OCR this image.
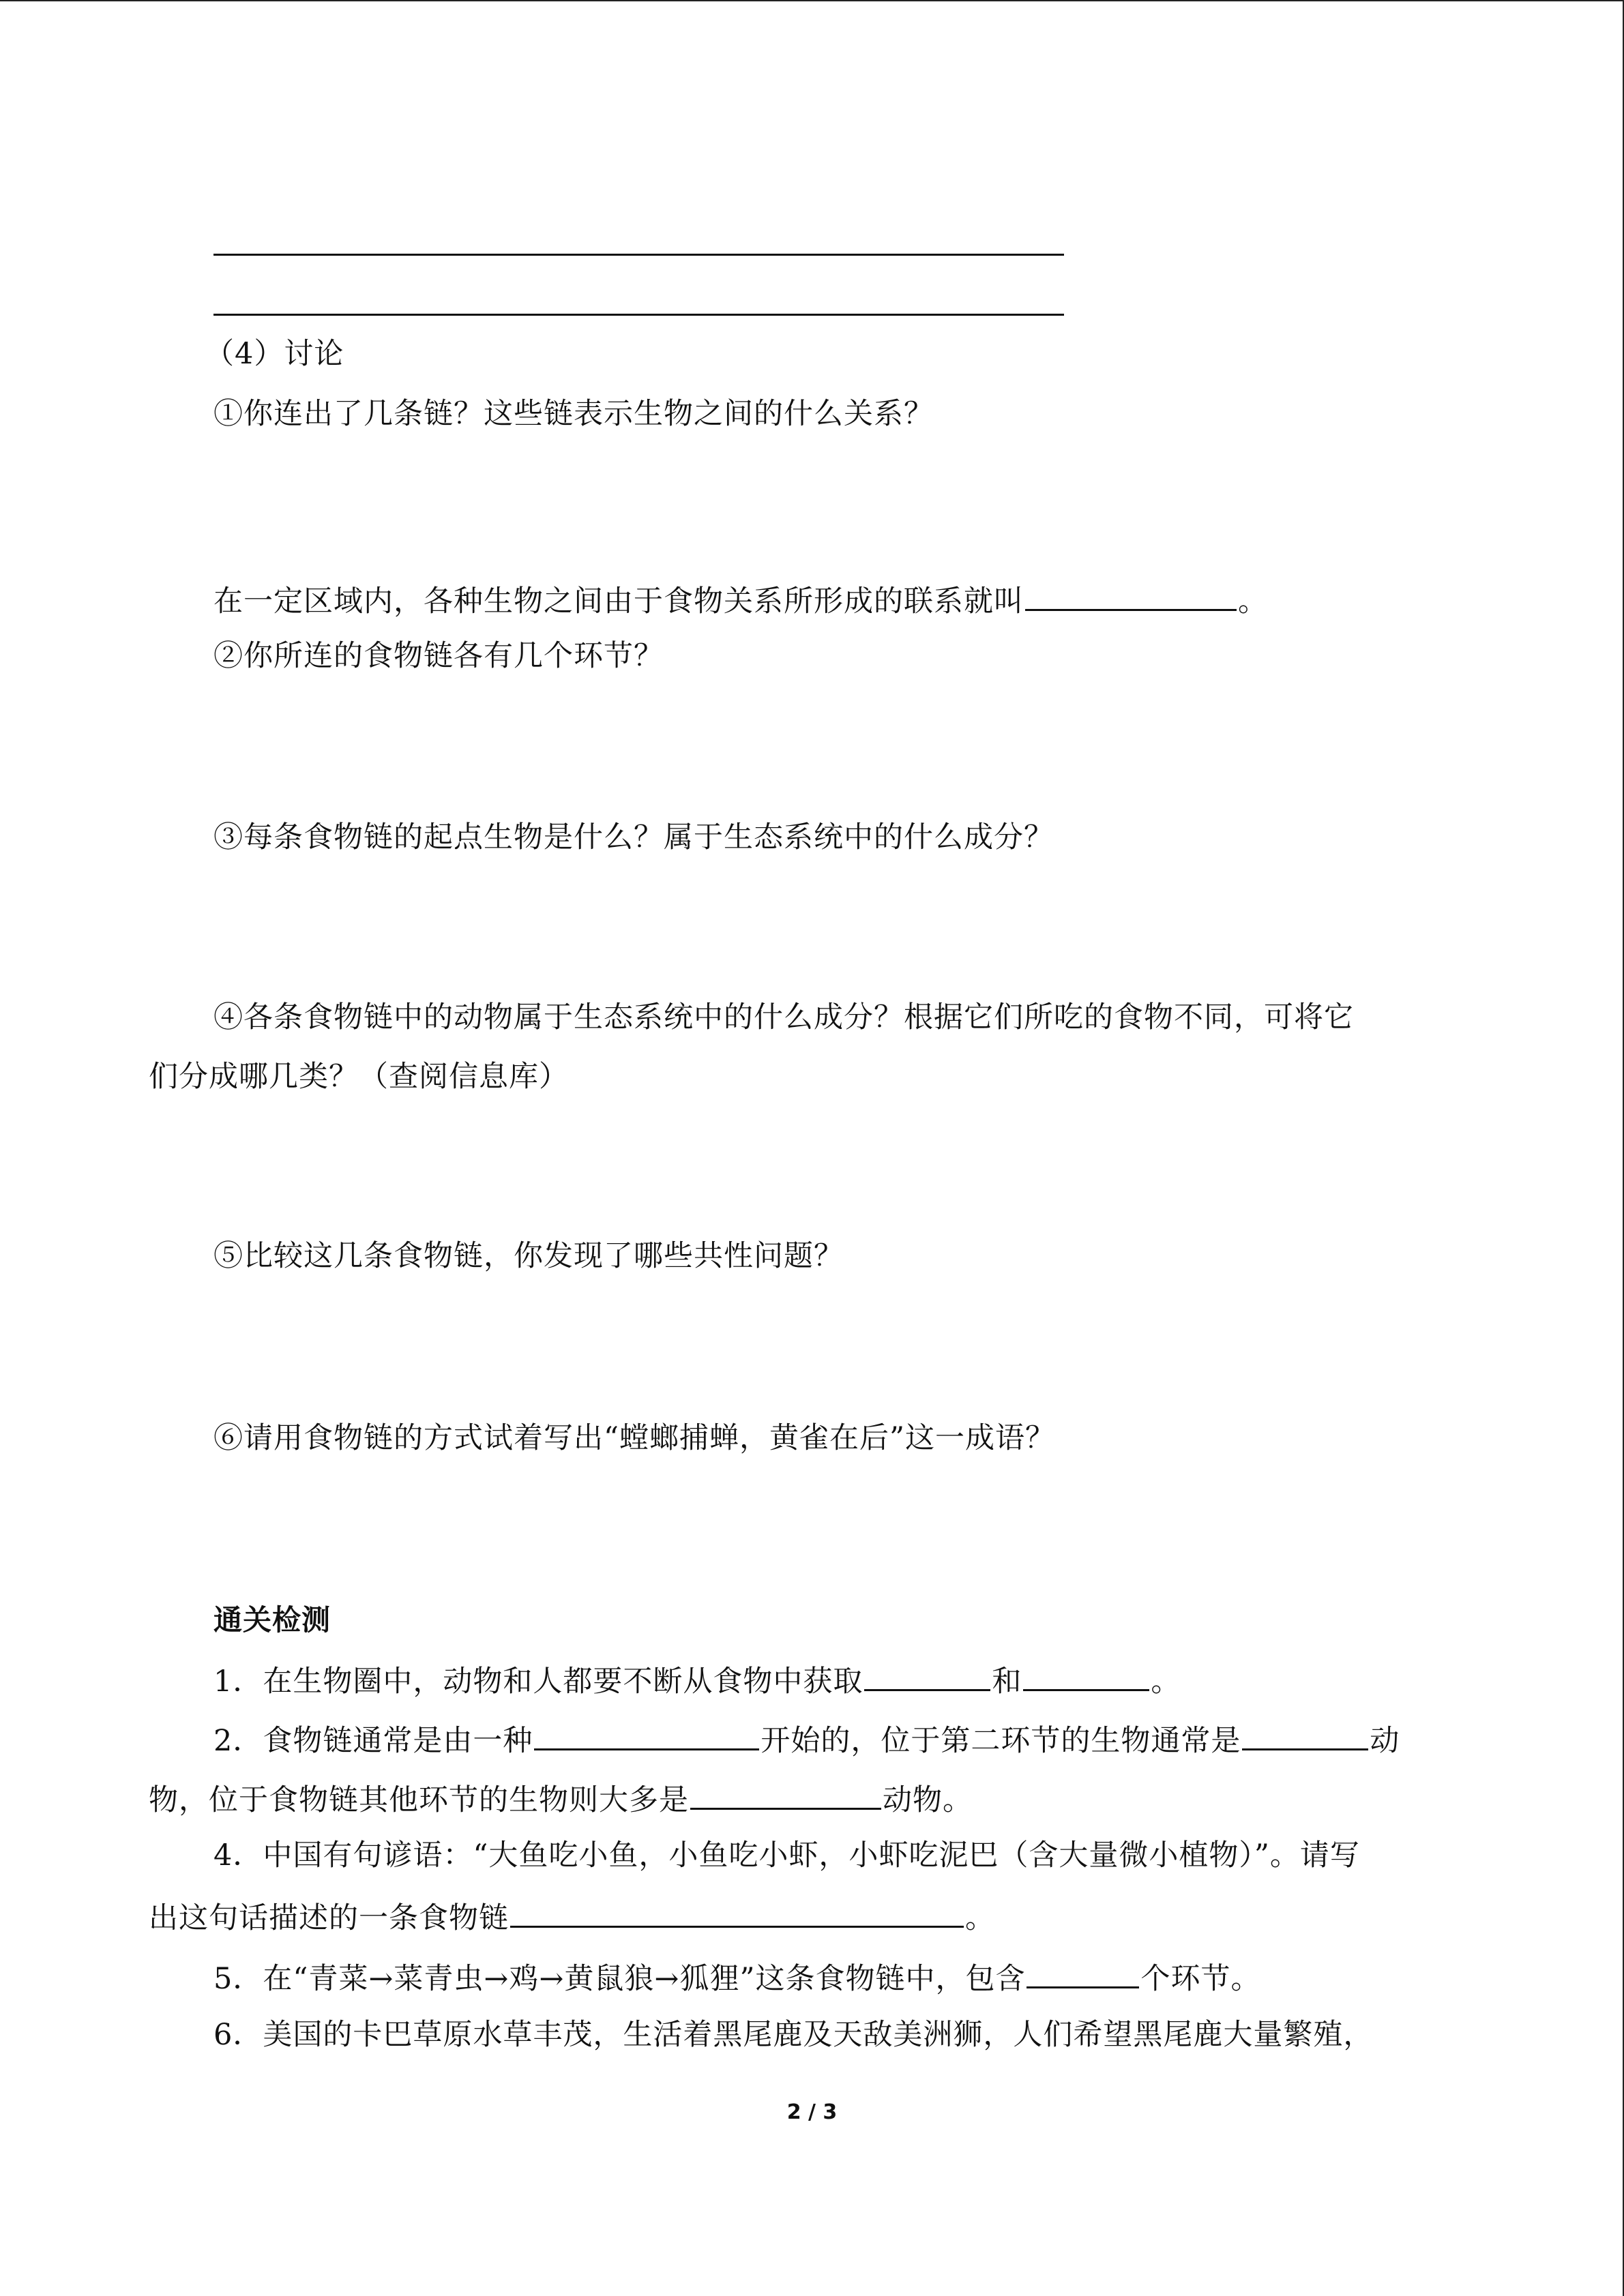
（4）讨论
①你连出了几条链？这些链表示生物之间的什么关系？
在一定区域内，各种生物之间由于食物关系所形成的联系就叫	。
②你所连的食物链各有几个环节？
③每条食物链的起点生物是什么？属于生态系统中的什么成分？
④各条食物链中的动物属于生态系统中的什么成分？根据它们所吃的食物不同，可将它
们分成哪几类？（查阅信息库）
⑤比较这几条食物链，你发现了哪些共性问题？
⑥请用食物链的方式试着写出“螳螂捕蝉，黄雀在后”这一成语？
通关检测
1．在生物圈中，动物和人都要不断从食物中获取	和	。
2．食物链通常是由一种	开始的，位于第二环节的生物通常是	动
物，位于食物链其他环节的生物则大多是	动物。
4．中国有句谚语：“大鱼吃小鱼，小鱼吃小虾，小虾吃泥巴（含大量微小植物）”。请写
出这句话描述的一条食物链	。
5．在“青菜→菜青虫→鸡→黄鼠狼→狐狸”这条食物链中，包含	个环节。
6．美国的卡巴草原水草丰茂，生活着黑尾鹿及天敌美洲狮，人们希望黑尾鹿大量繁殖，
2 / 3
